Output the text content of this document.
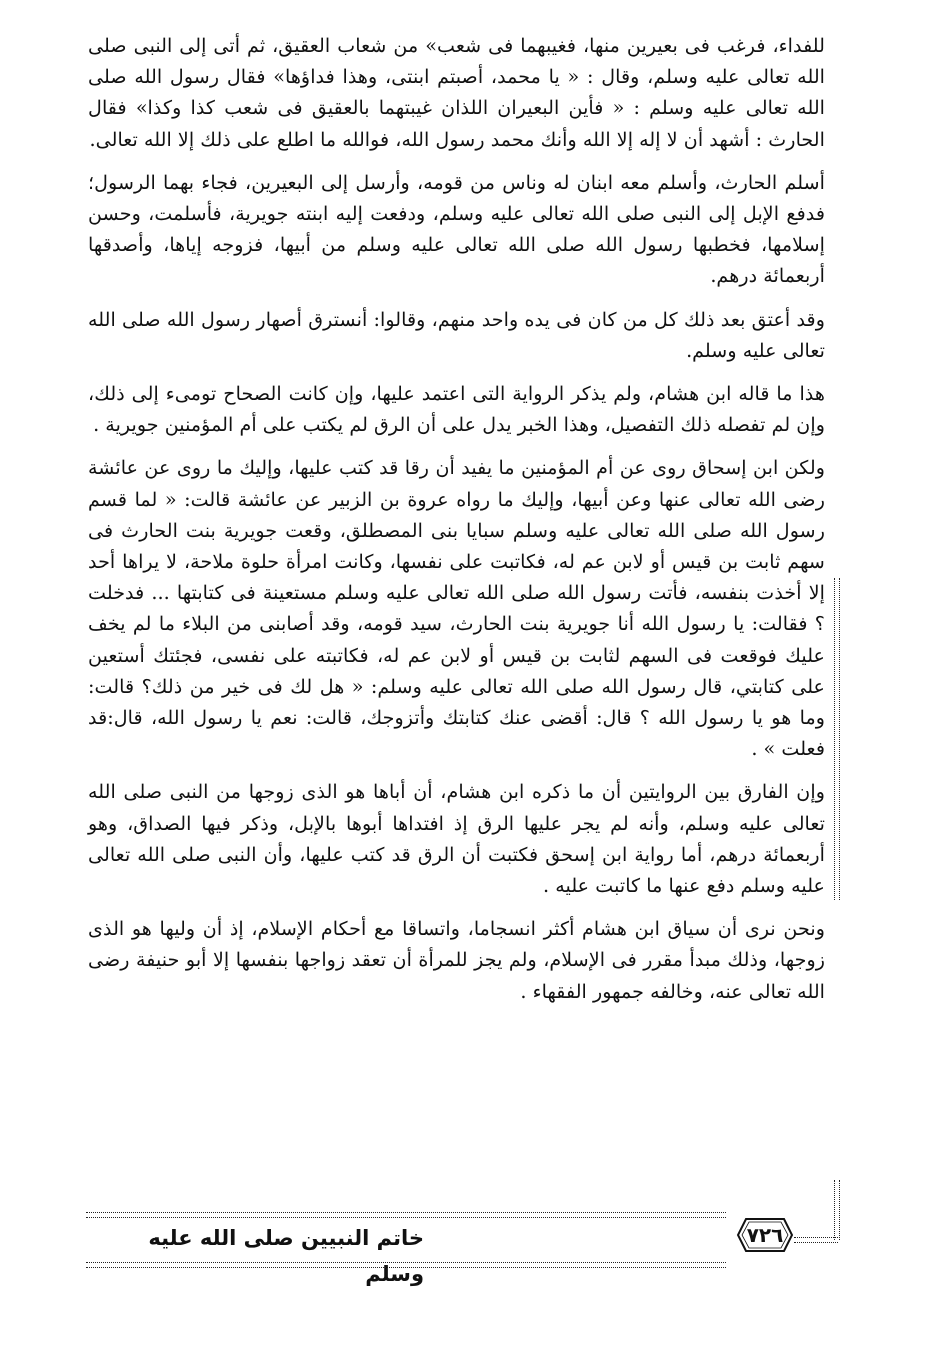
للفداء، فرغب فى بعيرين منها، فغيبهما فى شعب» من شعاب العقيق، ثم أتى إلى النبى صلى الله تعالى عليه وسلم، وقال : « يا محمد، أصبتم ابنتى، وهذا فداؤها» فقال رسول الله صلى الله تعالى عليه وسلم : « فأين البعيران اللذان غيبتهما بالعقيق فى شعب كذا وكذا» فقال الحارث : أشهد أن لا إله إلا الله وأنك محمد رسول الله، فوالله ما اطلع على ذلك إلا الله تعالى.

أسلم الحارث، وأسلم معه ابنان له وناس من قومه، وأرسل إلى البعيرين، فجاء بهما الرسول؛ فدفع الإبل إلى النبى صلى الله تعالى عليه وسلم، ودفعت إليه ابنته جويرية، فأسلمت، وحسن إسلامها، فخطبها رسول الله صلى الله تعالى عليه وسلم من أبيها، فزوجه إياها، وأصدقها أربعمائة درهم.

وقد أعتق بعد ذلك كل من كان فى يده واحد منهم، وقالوا: أنسترق أصهار رسول الله صلى الله تعالى عليه وسلم.

هذا ما قاله ابن هشام، ولم يذكر الرواية التى اعتمد عليها، وإن كانت الصحاح تومىء إلى ذلك، وإن لم تفصله ذلك التفصيل، وهذا الخبر يدل على أن الرق لم يكتب على أم المؤمنين جويرية .

ولكن ابن إسحاق روى عن أم المؤمنين ما يفيد أن رقا قد كتب عليها، وإليك ما روى عن عائشة رضى الله تعالى عنها وعن أبيها، وإليك ما رواه عروة بن الزبير عن عائشة قالت: « لما قسم رسول الله صلى الله تعالى عليه وسلم سبايا بنى المصطلق، وقعت جويرية بنت الحارث فى سهم ثابت بن قيس أو لابن عم له، فكاتبت على نفسها، وكانت امرأة حلوة ملاحة، لا يراها أحد إلا أخذت بنفسه، فأتت رسول الله صلى الله تعالى عليه وسلم مستعينة فى كتابتها ... فدخلت ؟ فقالت: يا رسول الله أنا جويرية بنت الحارث، سيد قومه، وقد أصابنى من البلاء ما لم يخف عليك فوقعت فى السهم لثابت بن قيس أو لابن عم له، فكاتبته على نفسى، فجئتك أستعين على كتابتي، قال رسول الله صلى الله تعالى عليه وسلم: « هل لك فى خير من ذلك؟ قالت: وما هو يا رسول الله ؟ قال: أقضى عنك كتابتك وأتزوجك، قالت: نعم يا رسول الله، قال:قد فعلت » .

وإن الفارق بين الروايتين أن ما ذكره ابن هشام، أن أباها هو الذى زوجها من النبى صلى الله تعالى عليه وسلم، وأنه لم يجر عليها الرق إذ افتداها أبوها بالإبل، وذكر فيها الصداق، وهو أربعمائة درهم، أما رواية ابن إسحق فكتبت أن الرق قد كتب عليها، وأن النبى صلى الله تعالى عليه وسلم دفع عنها ما كاتبت عليه .

ونحن نرى أن سياق ابن هشام أكثر انسجاما، واتساقا مع أحكام الإسلام، إذ أن وليها هو الذى زوجها، وذلك مبدأ مقرر فى الإسلام، ولم يجز للمرأة أن تعقد زواجها بنفسها إلا أبو حنيفة رضى الله تعالى عنه، وخالفه جمهور الفقهاء .

خاتم النبيين صلى الله عليه وسلم
٧٢٦
